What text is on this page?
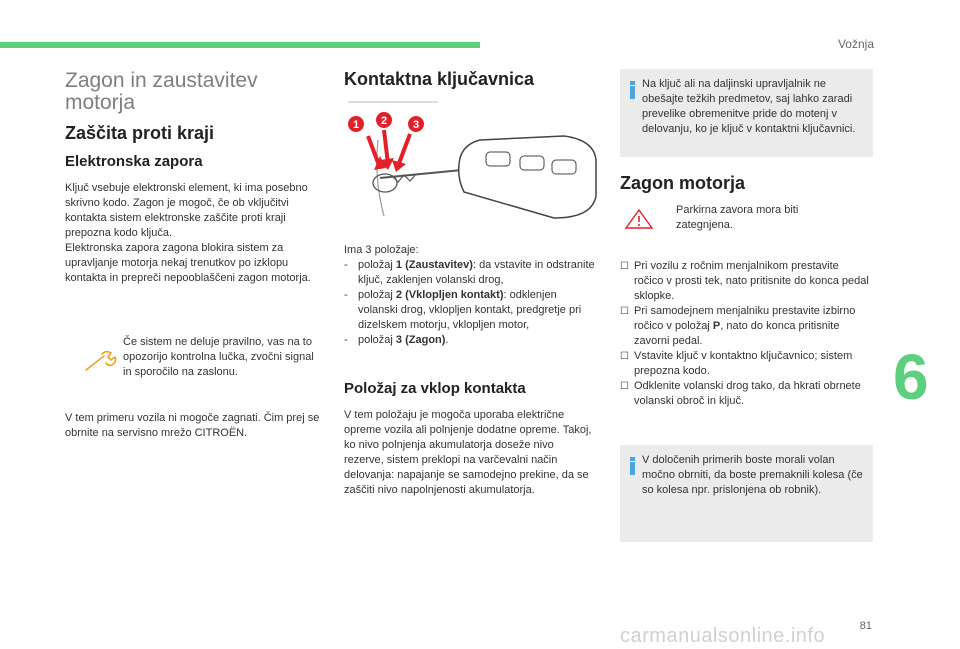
Vožnja
6
Zagon in zaustavitev motorja
Zaščita proti kraji
Elektronska zapora

Ključ vsebuje elektronski element, ki ima posebno skrivno kodo. Zagon je mogoč, če ob vključitvi kontakta sistem elektronske zaščite proti kraji prepozna kodo ključa.

Elektronska zapora zagona blokira sistem za upravljanje motorja nekaj trenutkov po izklopu kontakta in prepreči nepooblaščeni zagon motorja.

Če sistem ne deluje pravilno, vas na to opozorijo kontrolna lučka, zvočni signal in sporočilo na zaslonu.
V tem primeru vozila ni mogoče zagnati. Čim prej se obrnite na servisno mrežo CITROËN.
Kontaktna ključavnica
1 2 3

Ima 3 položaje:

- položaj 1 (Zaustavitev): da vstavite in odstranite ključ, zaklenjen volanski drog,
- položaj 2 (Vklopljen kontakt): odklenjen volanski drog, vklopljen kontakt, predgretje pri dizelskem motorju, vklopljen motor,
- položaj 3 (Zagon).
Položaj za vklop kontakta
V tem položaju je mogoča uporaba električne opreme vozila ali polnjenje dodatne opreme. Takoj, ko nivo polnjenja akumulatorja doseže nivo rezerve, sistem preklopi na varčevalni način delovanja: napajanje se samodejno prekine, da se zaščiti nivo napolnjenosti akumulatorja.
Na ključ ali na daljinski upravljalnik ne obešajte težkih predmetov, saj lahko zaradi prevelike obremenitve pride do motenj v delovanju, ko je ključ v kontaktni ključavnici.
Zagon motorja
Parkirna zavora mora biti zategnjena.
☐ Pri vozilu z ročnim menjalnikom prestavite ročico v prosti tek, nato pritisnite do konca pedal sklopke.
☐ Pri samodejnem menjalniku prestavite izbirno ročico v položaj P, nato do konca pritisnite zavorni pedal.
☐ Vstavite ključ v kontaktno ključavnico; sistem prepozna kodo.
☐ Odklenite volanski drog tako, da hkrati obrnete volanski obroč in ključ.
V določenih primerih boste morali volan močno obrniti, da boste premaknili kolesa (če so kolesa npr. prislonjena ob robnik).
81
carmanualsonline.info
